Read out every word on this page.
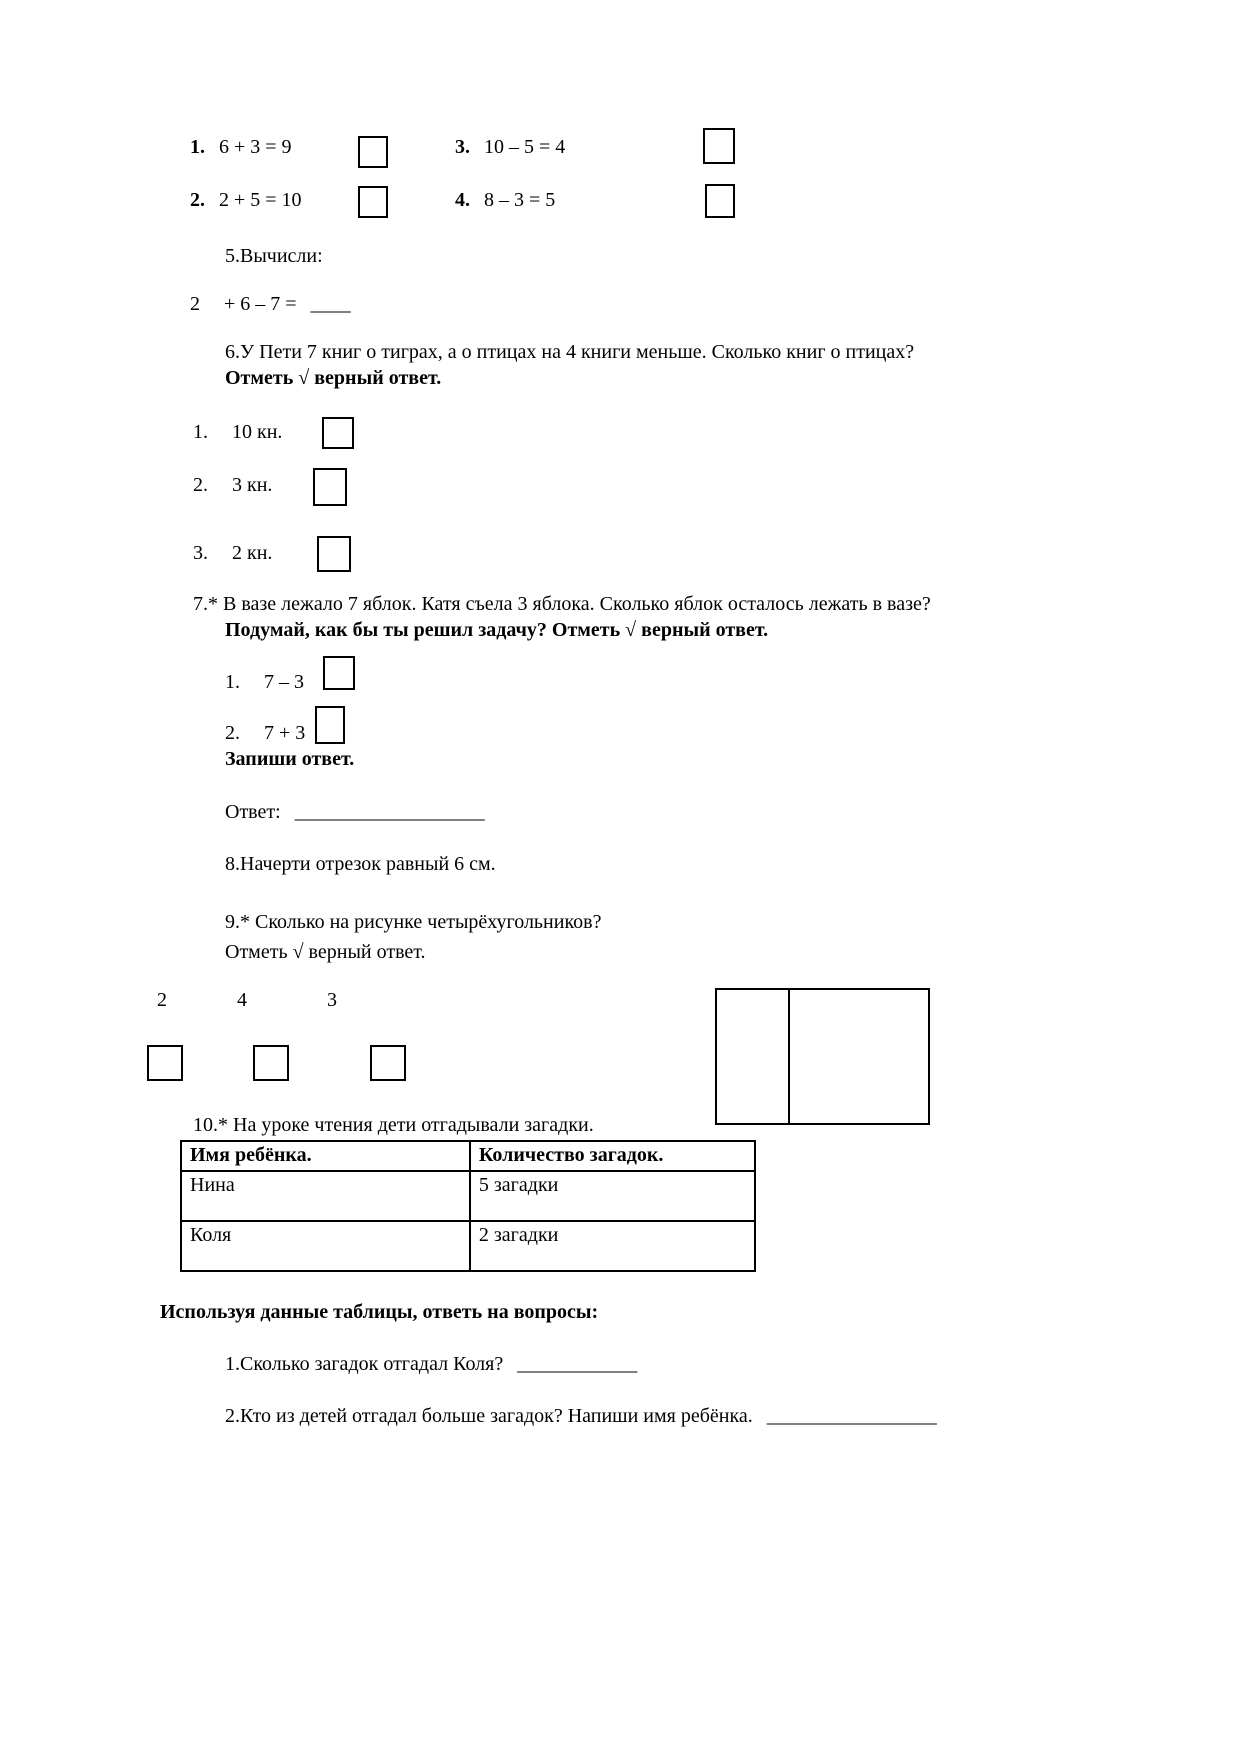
1. 6 + 3 = 9	3. 10 – 5 = 4
2. 2 + 5 = 10	4. 8 – 3 = 5
5.Вычисли:
2 + 6 – 7 = ____
6.У Пети 7 книг о тиграх, а о птицах на 4 книги меньше. Сколько книг о птицах?
Отметь √ верный ответ.
1. 10 кн.
2. 3 кн.
3. 2 кн.
7.* В вазе лежало 7 яблок. Катя съела 3 яблока. Сколько яблок осталось лежать в вазе?
Подумай, как бы ты решил задачу? Отметь √ верный ответ.
1. 7 – 3
2. 7 + 3
Запиши ответ.
Ответ: ___________________
8.Начерти отрезок равный 6 см.
9.* Сколько на рисунке четырёхугольников?
Отметь √ верный ответ.
2	4	3
10.* На уроке чтения дети отгадывали загадки.
Имя ребёнка.	Количество загадок.
Нина	5 загадки
Коля	2 загадки
Используя данные таблицы, ответь на вопросы:
1.Сколько загадок отгадал Коля? ____________
2.Кто из детей отгадал больше загадок? Напиши имя ребёнка. _________________
